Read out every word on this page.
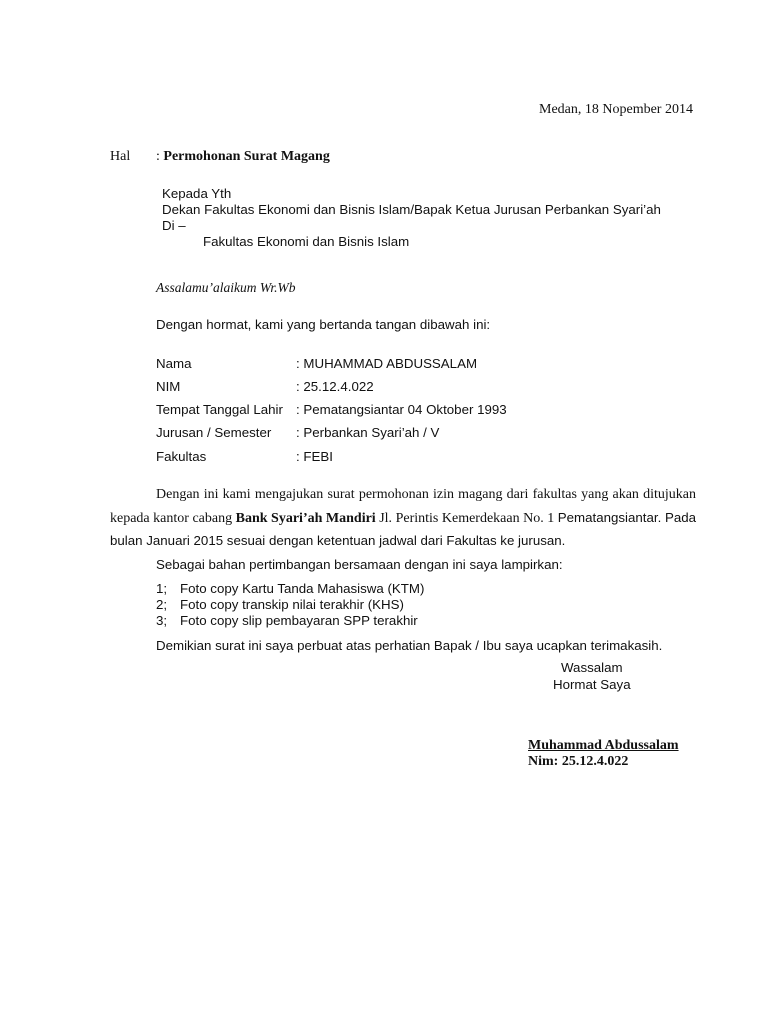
Medan, 18 Nopember 2014
Hal : Permohonan Surat Magang
Kepada Yth
Dekan Fakultas Ekonomi dan Bisnis Islam/Bapak Ketua Jurusan Perbankan Syari’ah
Di –
Fakultas Ekonomi dan Bisnis Islam
Assalamu’alaikum Wr.Wb
Dengan hormat, kami yang bertanda tangan dibawah ini:
Nama	: MUHAMMAD ABDUSSALAM
NIM	: 25.12.4.022
Tempat Tanggal Lahir : Pematangsiantar 04 Oktober 1993
Jurusan / Semester : Perbankan Syari’ah / V
Fakultas	: FEBI
Dengan ini kami mengajukan surat permohonan izin magang dari fakultas yang akan ditujukan kepada kantor cabang Bank Syari’ah Mandiri Jl. Perintis Kemerdekaan No. 1 Pematangsiantar. Pada bulan Januari 2015 sesuai dengan ketentuan jadwal dari Fakultas ke jurusan.
Sebagai bahan pertimbangan bersamaan dengan ini saya lampirkan:
1; Foto copy Kartu Tanda Mahasiswa (KTM)
2; Foto copy transkip nilai terakhir (KHS)
3; Foto copy slip pembayaran SPP terakhir
Demikian surat ini saya perbuat atas perhatian Bapak / Ibu saya ucapkan terimakasih.
Wassalam
Hormat Saya
Muhammad Abdussalam
Nim: 25.12.4.022
